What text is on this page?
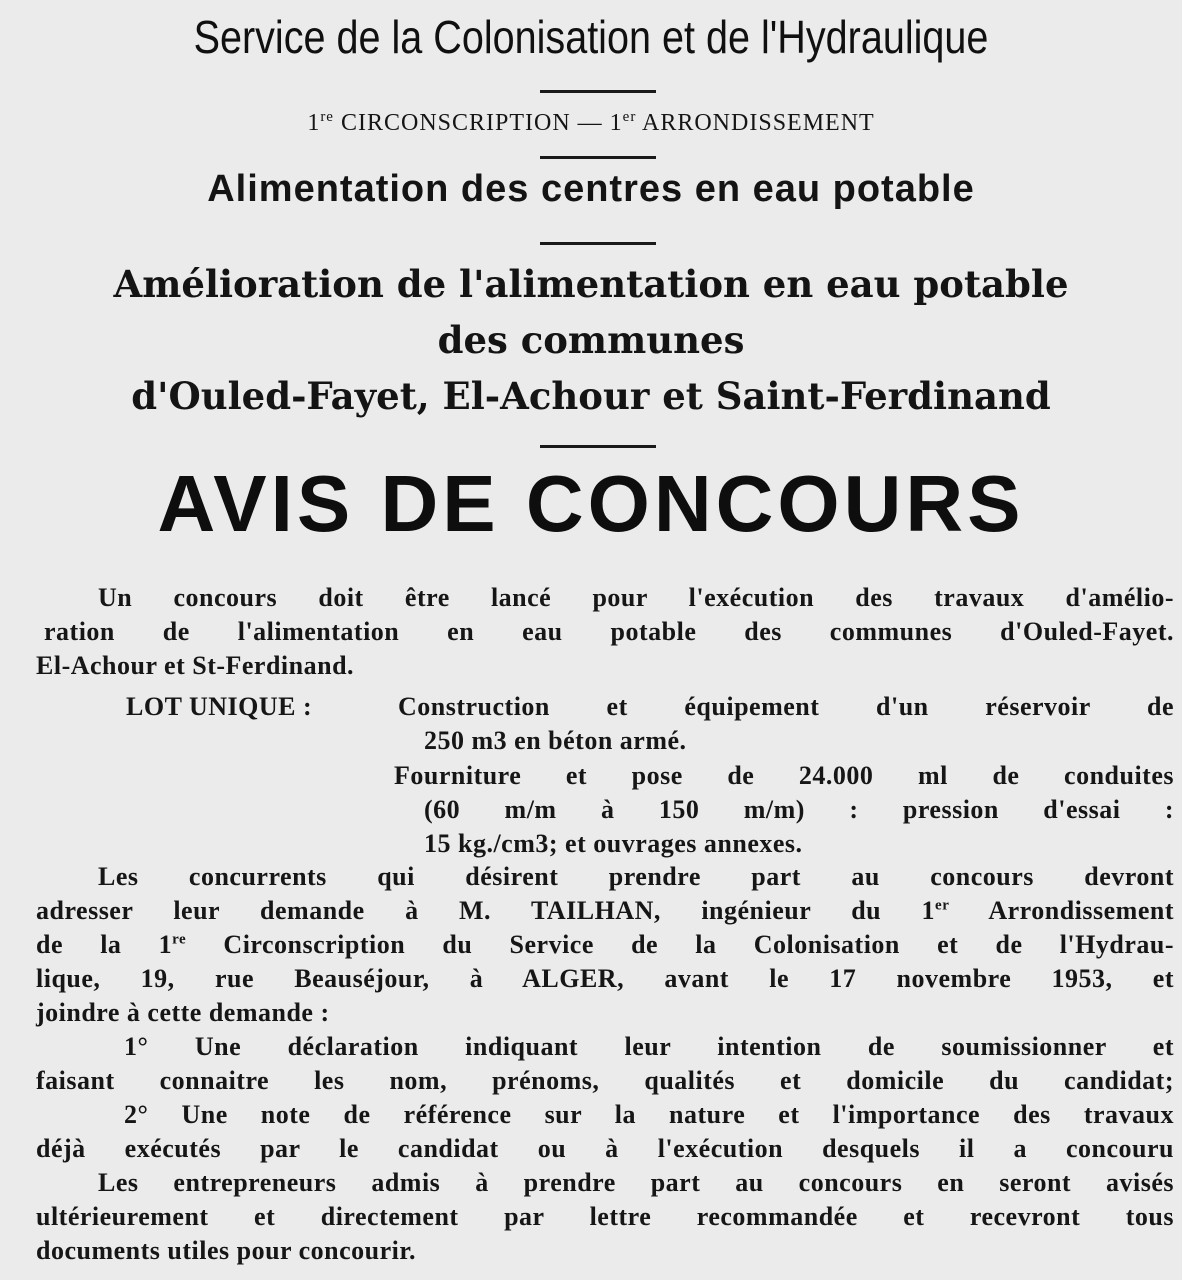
Service de la Colonisation et de l'Hydraulique
1re CIRCONSCRIPTION — 1er ARRONDISSEMENT
Alimentation des centres en eau potable
Amélioration de l'alimentation en eau potable
des communes
d'Ouled-Fayet, El-Achour et Saint-Ferdinand
AVIS DE CONCOURS
Un concours doit être lancé pour l'exécution des travaux d'amélio-
ration de l'alimentation en eau potable des communes d'Ouled-Fayet.
El-Achour et St-Ferdinand.
LOT UNIQUE :	Construction et équipement d'un réservoir de
250 m3 en béton armé.
Fourniture et pose de 24.000 ml de conduites
(60 m/m à 150 m/m) : pression d'essai :
15 kg./cm3; et ouvrages annexes.
Les concurrents qui désirent prendre part au concours devront
adresser leur demande à M. TAILHAN, ingénieur du 1er Arrondissement
de la 1re Circonscription du Service de la Colonisation et de l'Hydrau-
lique, 19, rue Beauséjour, à ALGER, avant le 17 novembre 1953, et
joindre à cette demande :
1° Une déclaration indiquant leur intention de soumissionner et
faisant connaitre les nom, prénoms, qualités et domicile du candidat;
2° Une note de référence sur la nature et l'importance des travaux
déjà exécutés par le candidat ou à l'exécution desquels il a concouru
Les entrepreneurs admis à prendre part au concours en seront avisés
ultérieurement et directement par lettre recommandée et recevront tous
documents utiles pour concourir.
